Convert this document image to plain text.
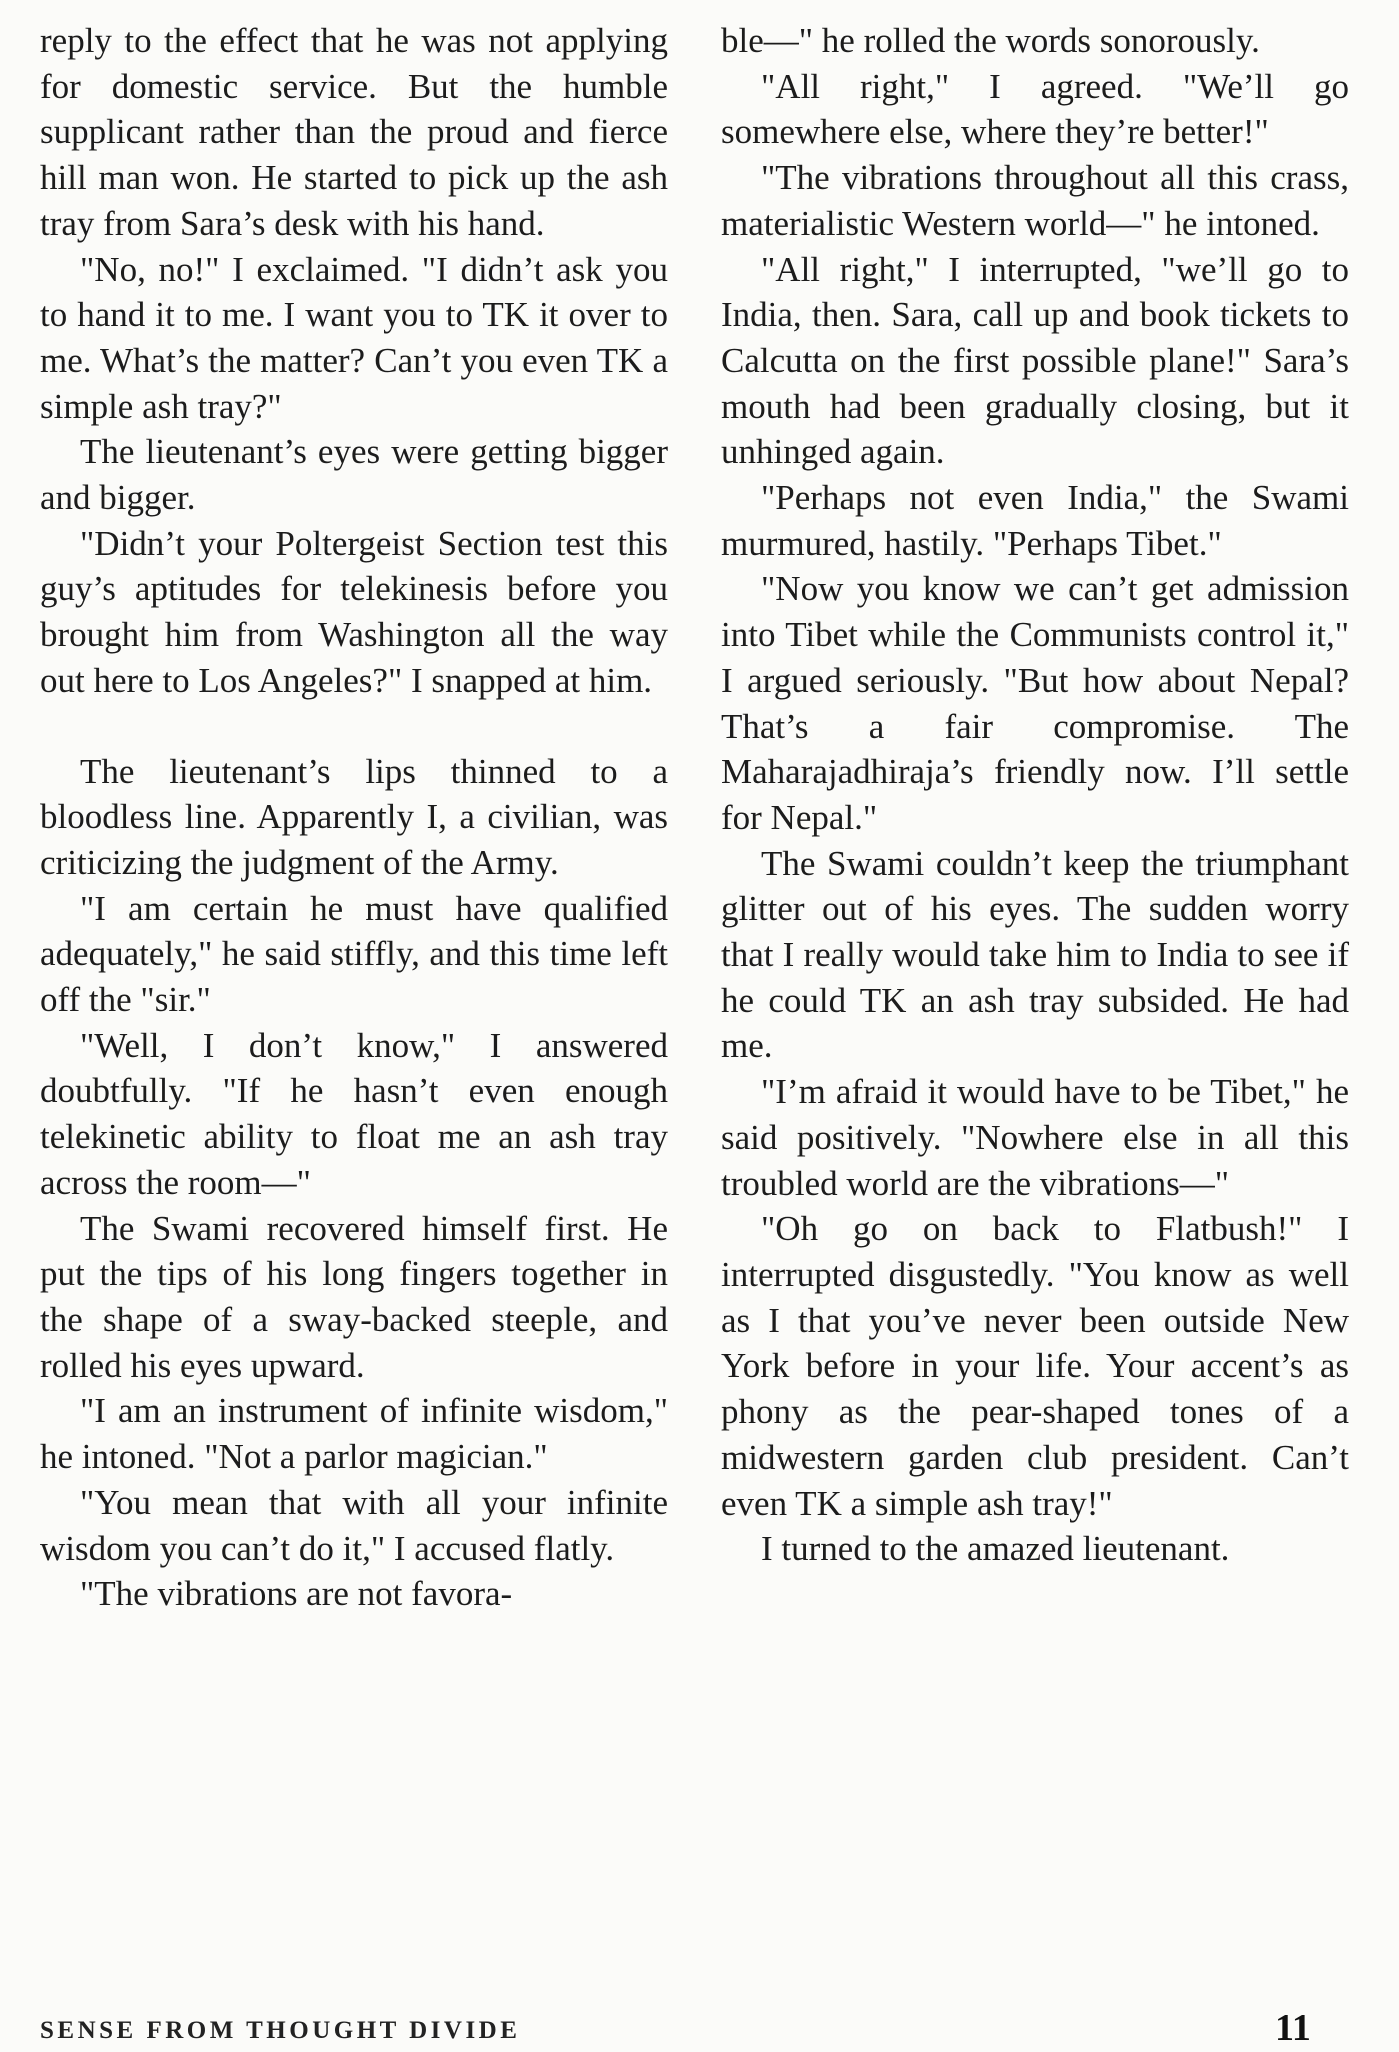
reply to the effect that he was not applying for domestic service. But the humble supplicant rather than the proud and fierce hill man won. He started to pick up the ash tray from Sara’s desk with his hand.

"No, no!" I exclaimed. "I didn’t ask you to hand it to me. I want you to TK it over to me. What’s the matter? Can’t you even TK a simple ash tray?"

The lieutenant’s eyes were getting bigger and bigger.

"Didn’t your Poltergeist Section test this guy’s aptitudes for telekinesis before you brought him from Washington all the way out here to Los Angeles?" I snapped at him.

The lieutenant’s lips thinned to a bloodless line. Apparently I, a civilian, was criticizing the judgment of the Army.

"I am certain he must have qualified adequately," he said stiffly, and this time left off the "sir."

"Well, I don’t know," I answered doubtfully. "If he hasn’t even enough telekinetic ability to float me an ash tray across the room—"

The Swami recovered himself first. He put the tips of his long fingers together in the shape of a sway-backed steeple, and rolled his eyes upward.

"I am an instrument of infinite wisdom," he intoned. "Not a parlor magician."

"You mean that with all your infinite wisdom you can’t do it," I accused flatly.

"The vibrations are not favora-

ble—" he rolled the words sonorously.

"All right," I agreed. "We’ll go somewhere else, where they’re better!"

"The vibrations throughout all this crass, materialistic Western world—" he intoned.

"All right," I interrupted, "we’ll go to India, then. Sara, call up and book tickets to Calcutta on the first possible plane!" Sara’s mouth had been gradually closing, but it unhinged again.

"Perhaps not even India," the Swami murmured, hastily. "Perhaps Tibet."

"Now you know we can’t get admission into Tibet while the Communists control it," I argued seriously. "But how about Nepal? That’s a fair compromise. The Maharajadhiraja’s friendly now. I’ll settle for Nepal."

The Swami couldn’t keep the triumphant glitter out of his eyes. The sudden worry that I really would take him to India to see if he could TK an ash tray subsided. He had me.

"I’m afraid it would have to be Tibet," he said positively. "Nowhere else in all this troubled world are the vibrations—"

"Oh go on back to Flatbush!" I interrupted disgustedly. "You know as well as I that you’ve never been outside New York before in your life. Your accent’s as phony as the pear-shaped tones of a midwestern garden club president. Can’t even TK a simple ash tray!"

I turned to the amazed lieutenant.

SENSE FROM THOUGHT DIVIDE	11
